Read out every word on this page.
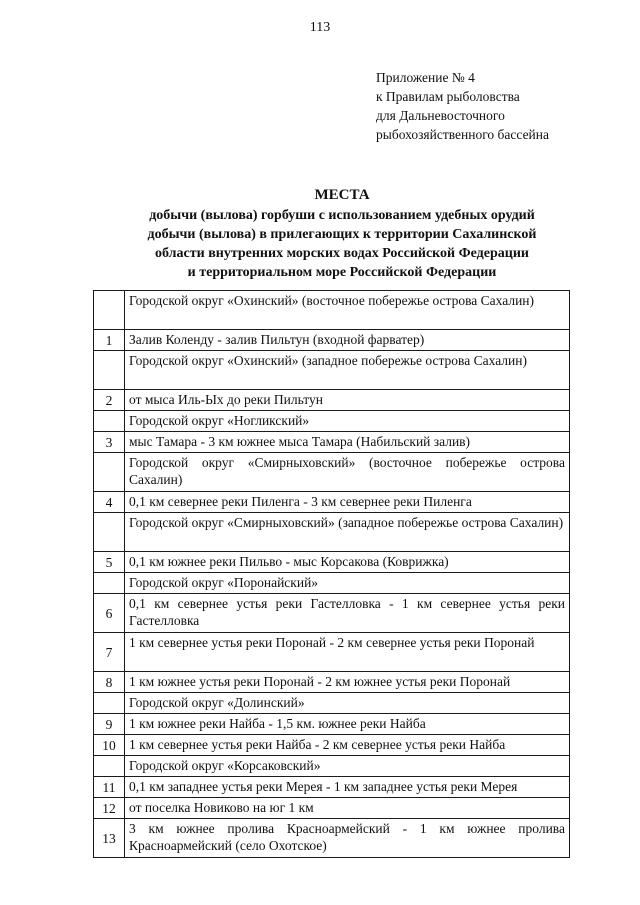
113
Приложение № 4
к Правилам рыболовства
для Дальневосточного
рыбохозяйственного бассейна
МЕСТА
добычи (вылова) горбуши с использованием удебных орудий
добычи (вылова) в прилегающих к территории Сахалинской
области внутренних морских водах Российской Федерации
и территориальном море Российской Федерации
	Городской округ «Охинский» (восточное побережье острова Сахалин)
1	Залив Коленду - залив Пильтун (входной фарватер)
	Городской округ «Охинский» (западное побережье острова Сахалин)
2	от мыса Иль-Ых до реки Пильтун
	Городской округ «Ногликский»
3	мыс Тамара - 3 км южнее мыса Тамара (Набильский залив)
	Городской округ «Смирныховский» (восточное побережье острова Сахалин)
4	0,1 км севернее реки Пиленга - 3 км севернее реки Пиленга
	Городской округ «Смирныховский» (западное побережье острова Сахалин)
5	0,1 км южнее реки Пильво - мыс Корсакова (Коврижка)
	Городской округ «Поронайский»
6	0,1 км севернее устья реки Гастелловка - 1 км севернее устья реки Гастелловка
7	1 км севернее устья реки Поронай - 2 км севернее устья реки Поронай
8	1 км южнее устья реки Поронай - 2 км южнее устья реки Поронай
	Городской округ «Долинский»
9	1 км южнее реки Найба - 1,5 км. южнее реки Найба
10	1 км севернее устья реки Найба - 2 км севернее устья реки Найба
	Городской округ «Корсаковский»
11	0,1 км западнее устья реки Мерея - 1 км западнее устья реки Мерея
12	от поселка Новиково на юг 1 км
13	3 км южнее пролива Красноармейский - 1 км южнее пролива Красноармейский (село Охотское)
